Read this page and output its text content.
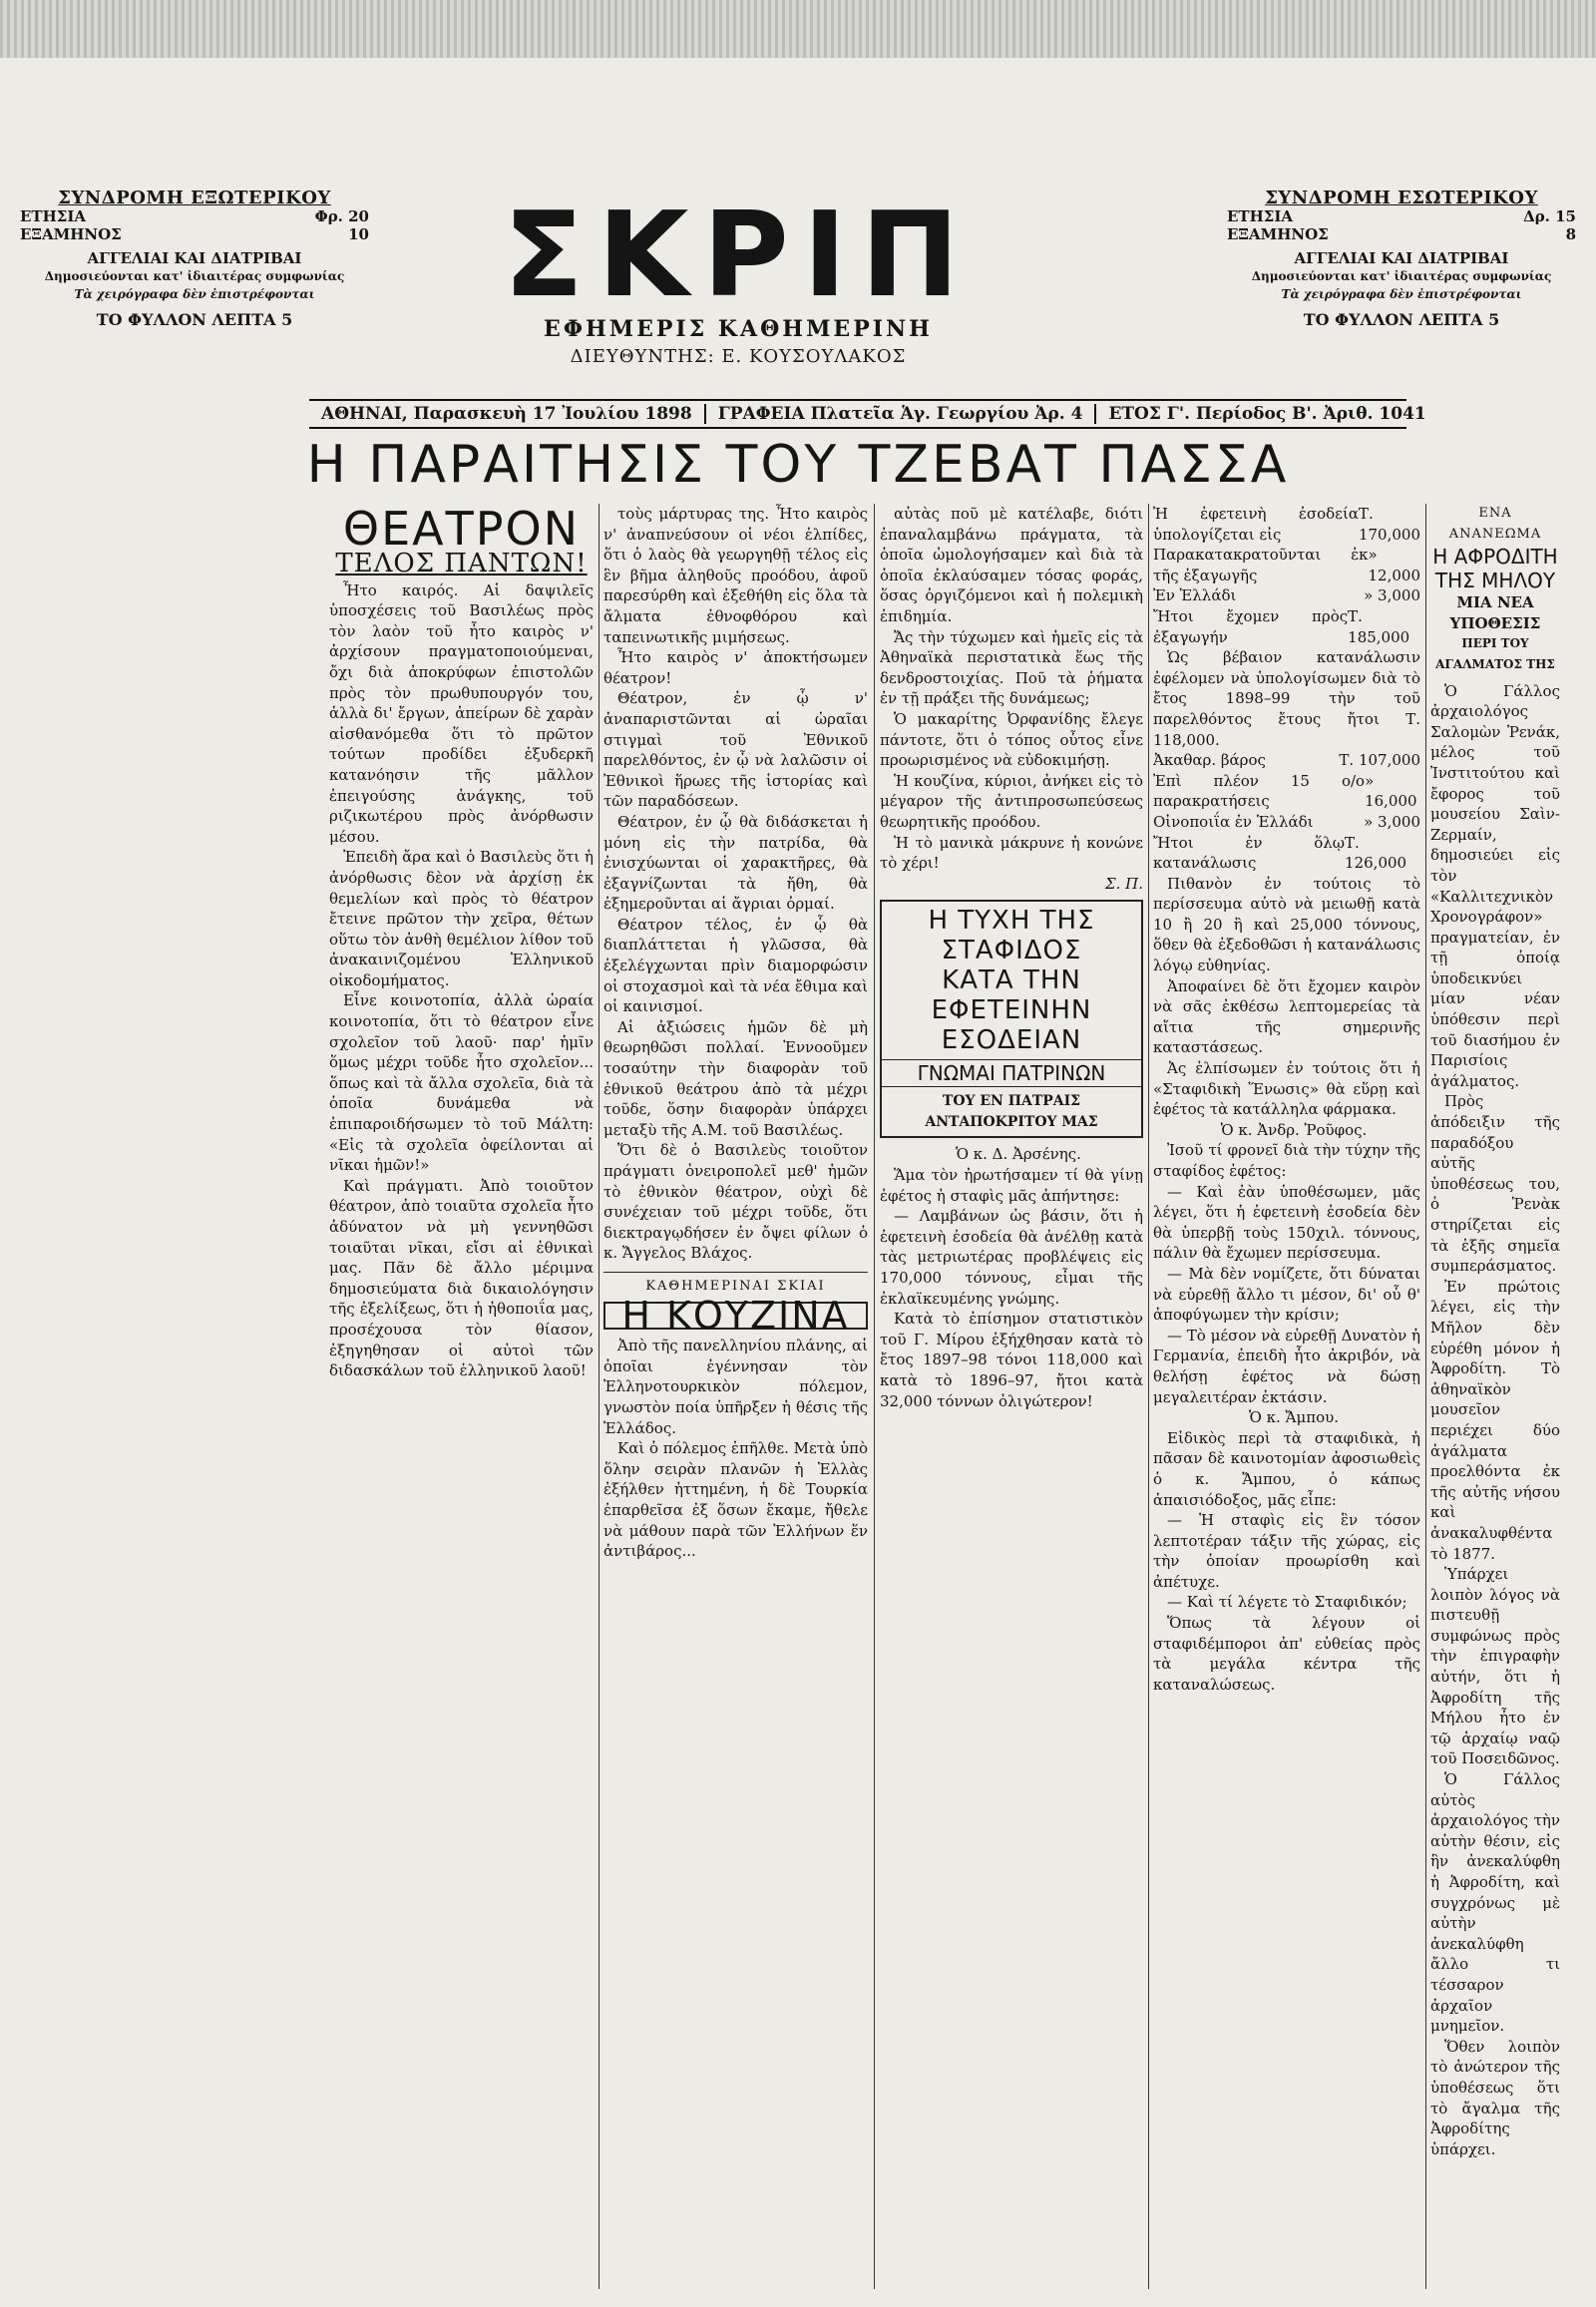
ΣΥΝΔΡΟΜΗ ΕΞΩΤΕΡΙΚΟΥ
ΕΤΗΣΙΑ	Φρ. 20
ΕΞΑΜΗΝΟΣ	10
ΑΓΓΕΛΙΑΙ ΚΑΙ ΔΙΑΤΡΙΒΑΙ
Δημοσιεύονται κατ' ἰδιαιτέρας συμφωνίας
Τὰ χειρόγραφα δὲν ἐπιστρέφονται
ΤΟ ΦΥΛΛΟΝ ΛΕΠΤΑ 5	ΣΚΡΙΠ
ΕΦΗΜΕΡΙΣ ΚΑΘΗΜΕΡΙΝΗ
ΔΙΕΥΘΥΝΤΗΣ: Ε. ΚΟΥΣΟΥΛΑΚΟΣ
ΣΥΝΔΡΟΜΗ ΕΣΩΤΕΡΙΚΟΥ
ΕΤΗΣΙΑ	Δρ. 15
ΕΞΑΜΗΝΟΣ	8
ΑΓΓΕΛΙΑΙ ΚΑΙ ΔΙΑΤΡΙΒΑΙ
Δημοσιεύονται κατ' ἰδιαιτέρας συμφωνίας
Τὰ χειρόγραφα δὲν ἐπιστρέφονται
ΤΟ ΦΥΛΛΟΝ ΛΕΠΤΑ 5
ΑΘΗΝΑΙ, Παρασκευὴ 17 Ἰουλίου 1898	ΓΡΑΦΕΙΑ Πλατεῖα Ἁγ. Γεωργίου Ἀρ. 4	ΕΤΟΣ Γ'. Περίοδος Β'. Ἀριθ. 1041
Η ΠΑΡΑΙΤΗΣΙΣ ΤΟΥ ΤΖΕΒΑΤ ΠΑΣΣΑ
ΘΕΑΤΡΟΝ
ΤΕΛΟΣ ΠΑΝΤΩΝ!

Ἦτο καιρός. Αἱ δαψιλεῖς ὑποσχέσεις τοῦ Βασιλέως πρὸς τὸν λαὸν τοῦ ἦτο καιρὸς ν' ἀρχίσουν πραγματοποιούμεναι, ὄχι διὰ ἀποκρύφων ἐπιστολῶν πρὸς τὸν πρωθυπουργόν του, ἀλλὰ δι' ἔργων, ἀπείρων δὲ χαρὰν αἰσθανόμεθα ὅτι τὸ πρῶτον τούτων προδίδει ἐξυδερκῆ κατανόησιν τῆς μᾶλλον ἐπειγούσης ἀνάγκης, τοῦ ριζικωτέρου πρὸς ἀνόρθωσιν μέσου.

Ἐπειδὴ ἄρα καὶ ὁ Βασιλεὺς ὅτι ἡ ἀνόρθωσις δὲον νὰ ἀρχίσῃ ἐκ θεμελίων καὶ πρὸς τὸ θέατρον ἔτεινε πρῶτον τὴν χεῖρα, θέτων οὕτω τὸν ἀνθὴ θεμέλιον λίθον τοῦ ἀνακαινιζομένου Ἑλληνικοῦ οἰκοδομήματος.

Εἶνε κοινοτοπία, ἀλλὰ ὡραία κοινοτοπία, ὅτι τὸ θέατρον εἶνε σχολεῖον τοῦ λαοῦ· παρ' ἡμῖν ὅμως μέχρι τοῦδε ἦτο σχολεῖον... ὅπως καὶ τὰ ἄλλα σχολεῖα, διὰ τὰ ὁποῖα δυνάμεθα νὰ ἐπιπαροιδήσωμεν τὸ τοῦ Μάλτη: «Εἰς τὰ σχολεῖα ὀφείλονται αἱ νῖκαι ἡμῶν!»

Καὶ πράγματι. Ἀπὸ τοιοῦτον θέατρον, ἀπὸ τοιαῦτα σχολεῖα ἦτο ἀδύνατον νὰ μὴ γεννηθῶσι τοιαῦται νῖκαι, εἴσι αἱ ἐθνικαὶ μας. Πᾶν δὲ ἄλλο μέριμνα δημοσιεύματα διὰ δικαιολόγησιν τῆς ἐξελίξεως, ὅτι ἡ ἠθοποιΐα μας, προσέχουσα τὸν θίασον, ἐξηγηθησαν οἱ αὐτοὶ τῶν διδασκάλων τοῦ ἑλληνικοῦ λαοῦ!

τοὺς μάρτυρας της. Ἦτο καιρὸς ν' ἀναπνεύσουν οἱ νέοι ἐλπίδες, ὅτι ὁ λαὸς θὰ γεωργηθῇ τέλος εἰς ἓν βῆμα ἀληθοῦς προόδου, ἀφοῦ παρεσύρθη καὶ ἐξεθήθη εἰς ὅλα τὰ ἄλματα ἐθνοφθόρου καὶ ταπεινωτικῆς μιμήσεως.

Ἦτο καιρὸς ν' ἀποκτήσωμεν θέατρον!

Θέατρον, ἐν ᾧ ν' ἀναπαριστῶνται αἱ ὡραῖαι στιγμαὶ τοῦ Ἐθνικοῦ παρελθόντος, ἐν ᾧ νὰ λαλῶσιν οἱ Ἐθνικοὶ ἥρωες τῆς ἱστορίας καὶ τῶν παραδόσεων.

Θέατρον, ἐν ᾧ θὰ διδάσκεται ἡ μόνη εἰς τὴν πατρίδα, θὰ ἐνισχύωνται οἱ χαρακτῆρες, θὰ ἐξαγνίζωνται τὰ ἤθη, θὰ ἐξημεροῦνται αἱ ἄγριαι ὀρμαί.

Θέατρον τέλος, ἐν ᾧ θὰ διαπλάττεται ἡ γλῶσσα, θὰ ἐξελέγχωνται πρὶν διαμορφώσιν οἱ στοχασμοὶ καὶ τὰ νέα ἔθιμα καὶ οἱ καινισμοί.

Αἱ ἀξιώσεις ἡμῶν δὲ μὴ θεωρηθῶσι πολλαί. Ἐννοοῦμεν τοσαύτην τὴν διαφορὰν τοῦ ἐθνικοῦ θεάτρου ἀπὸ τὰ μέχρι τοῦδε, ὅσην διαφορὰν ὑπάρχει μεταξὺ τῆς Α.Μ. τοῦ Βασιλέως.

Ὅτι δὲ ὁ Βασιλεὺς τοιοῦτον πράγματι ὀνειροπολεῖ μεθ' ἡμῶν τὸ ἐθνικὸν θέατρον, οὐχὶ δὲ συνέχειαν τοῦ μέχρι τοῦδε, ὅτι διεκτραγῳδήσεν ἐν ὄψει φίλων ὁ κ. Ἄγγελος Βλάχος.

ΚΑΘΗΜΕΡΙΝΑΙ ΣΚΙΑΙ
Η ΚΟΥΖΙΝΑ

Ἀπὸ τῆς πανελληνίου πλάνης, αἱ ὁποῖαι ἐγέννησαν τὸν Ἑλληνοτουρκικὸν πόλεμον, γνωστὸν ποία ὑπῆρξεν ἡ θέσις τῆς Ἑλλάδος.

Καὶ ὁ πόλεμος ἐπῆλθε. Μετὰ ὑπὸ ὅλην σειρὰν πλανῶν ἡ Ἑλλὰς ἐξήλθεν ἡττημένη, ἡ δὲ Τουρκία ἐπαρθεῖσα ἐξ ὅσων ἔκαμε, ἤθελε νὰ μάθουν παρὰ τῶν Ἑλλήνων ἕν ἀντιβάρος...

αὐτὰς ποῦ μὲ κατέλαβε, διότι ἐπαναλαμβάνω πράγματα, τὰ ὁποῖα ὡμολογήσαμεν καὶ διὰ τὰ ὁποῖα ἐκλαύσαμεν τόσας φοράς, ὅσας ὀργιζόμενοι καὶ ἡ πολεμικὴ ἐπιδημία.

Ἄς τὴν τύχωμεν καὶ ἡμεῖς εἰς τὰ Ἀθηναϊκὰ περιστατικὰ ἕως τῆς δενδροστοιχίας. Ποῦ τὰ ῥήματα ἐν τῇ πράξει τῆς δυνάμεως;

Ὁ μακαρίτης Ὀρφανίδης ἔλεγε πάντοτε, ὅτι ὁ τόπος οὗτος εἶνε προωρισμένος νὰ εὐδοκιμήσῃ.

Ἡ κουζίνα, κύριοι, ἀνήκει εἰς τὸ μέγαρον τῆς ἀντιπροσωπεύσεως θεωρητικῆς προόδου.

Ἡ τὸ μανικὰ μάκρυνε ἡ κονώνε τὸ χέρι!

Σ. Π.
Η ΤΥΧΗ ΤΗΣ ΣΤΑΦΙΔΟΣ
ΚΑΤΑ ΤΗΝ ΕΦΕΤΕΙΝΗΝ ΕΣΟΔΕΙΑΝ
ΓΝΩΜΑΙ ΠΑΤΡΙΝΩΝ
ΤΟΥ ΕΝ ΠΑΤΡΑΙΣ ΑΝΤΑΠΟΚΡΙΤΟΥ ΜΑΣ

Ὁ κ. Δ. Ἀρσένης.

Ἅμα τὸν ἠρωτήσαμεν τί θὰ γίνῃ ἐφέτος ἡ σταφὶς μᾶς ἀπήντησε:

— Λαμβάνων ὡς βάσιν, ὅτι ἡ ἐφετεινὴ ἐσοδεία θὰ ἀνέλθῃ κατὰ τὰς μετριωτέρας προβλέψεις εἰς 170,000 τόννους, εἶμαι τῆς ἐκλαϊκευμένης γνώμης.

Κατὰ τὸ ἐπίσημον στατιστικὸν τοῦ Γ. Μίρου ἐξήχθησαν κατὰ τὸ ἔτος 1897–98 τόνοι 118,000 καὶ κατὰ τὸ 1896–97, ἤτοι κατὰ 32,000 τόννων ὀλιγώτερον!

Ἡ ἐφετεινὴ ἐσοδεία ὑπολογίζεται εἰς
Τ. 170,000
Παρακατακρατοῦνται ἐκ τῆς ἐξαγωγῆς
» 12,000
Ἐν Ἑλλάδι	» 3,000
Ἤτοι ἔχομεν πρὸς ἐξαγωγήν
Τ. 185,000

Ὡς βέβαιον κατανάλωσιν ἐφέλομεν νὰ ὑπολογίσωμεν διὰ τὸ ἔτος 1898–99 τὴν τοῦ παρελθόντος ἔτους ἤτοι Τ. 118,000.

Ἀκαθαρ. βάρος	Τ. 107,000
Ἐπὶ πλέον 15 ο/ο παρακρατήσεις
» 16,000
Οἰνοποιΐα ἐν Ἑλλάδι	» 3,000
Ἤτοι ἐν ὅλῳ κατανάλωσις
Τ. 126,000

Πιθανὸν ἐν τούτοις τὸ περίσσευμα αὐτὸ νὰ μειωθῇ κατὰ 10 ἢ 20 ἢ καὶ 25,000 τόννους, ὅθεν θὰ ἐξεδοθῶσι ἡ κατανάλωσις λόγῳ εὐθηνίας.

Ἀποφαίνει δὲ ὅτι ἔχομεν καιρὸν νὰ σᾶς ἐκθέσω λεπτομερείας τὰ αἴτια τῆς σημερινῆς καταστάσεως.

Ἀς ἐλπίσωμεν ἐν τούτοις ὅτι ἡ «Σταφιδικὴ Ἕνωσις» θὰ εὕρῃ καὶ ἐφέτος τὰ κατάλληλα φάρμακα.

Ὁ κ. Ἀνδρ. Ῥοῦφος.

Ἰσοῦ τί φρονεῖ διὰ τὴν τύχην τῆς σταφίδος ἐφέτος:

— Καὶ ἐὰν ὑποθέσωμεν, μᾶς λέγει, ὅτι ἡ ἐφετεινὴ ἐσοδεία δὲν θὰ ὑπερβῇ τοὺς 150χιλ. τόννους, πάλιν θὰ ἔχωμεν περίσσευμα.

— Μὰ δὲν νομίζετε, ὅτι δύναται νὰ εὑρεθῇ ἄλλο τι μέσον, δι' οὗ θ' ἀποφύγωμεν τὴν κρίσιν;

— Τὸ μέσον νὰ εὑρεθῇ Δυνατὸν ἡ Γερμανία, ἐπειδὴ ἦτο ἀκριβόν, νὰ θελήσῃ ἐφέτος νὰ δώσῃ μεγαλειτέραν ἐκτάσιν.

Ὁ κ. Ἄμπου.

Εἰδικὸς περὶ τὰ σταφιδικὰ, ἡ πᾶσαν δὲ καινοτομίαν ἀφοσιωθεὶς ὁ κ. Ἄμπου, ὁ κάπως ἀπαισιόδοξος, μᾶς εἶπε:

— Ἡ σταφὶς εἰς ἓν τόσον λεπτοτέραν τάξιν τῆς χώρας, εἰς τὴν ὁποίαν προωρίσθη καὶ ἀπέτυχε.

— Καὶ τί λέγετε τὸ Σταφιδικόν;

Ὅπως τὰ λέγουν οἱ σταφιδέμποροι ἀπ' εὐθείας πρὸς τὰ μεγάλα κέντρα τῆς καταναλώσεως.

ΕΝΑ ΑΝΑΝΕΩΜΑ
Η ΑΦΡΟΔΙΤΗ ΤΗΣ ΜΗΛΟΥ
ΜΙΑ ΝΕΑ ΥΠΟΘΕΣΙΣ
ΠΕΡΙ ΤΟΥ ΑΓΑΛΜΑΤΟΣ ΤΗΣ

Ὁ Γάλλος ἀρχαιολόγος Σαλομὼν Ῥενάκ, μέλος τοῦ Ἰνστιτούτου καὶ ἔφορος τοῦ μουσείου Σαὶν-Ζερμαίν, δημοσιεύει εἰς τὸν «Καλλιτεχνικὸν Χρονογράφον» πραγματείαν, ἐν τῇ ὁποίᾳ ὑποδεικνύει μίαν νέαν ὑπόθεσιν περὶ τοῦ διασήμου ἐν Παρισίοις ἀγάλματος.

Πρὸς ἀπόδειξιν τῆς παραδόξου αὐτῆς ὑποθέσεως του, ὁ Ῥενὰκ στηρίζεται εἰς τὰ ἑξῆς σημεῖα συμπεράσματος.

Ἐν πρώτοις λέγει, εἰς τὴν Μῆλον δὲν εὑρέθη μόνον ἡ Ἀφροδίτη. Τὸ ἀθηναϊκὸν μουσεῖον περιέχει δύο ἀγάλματα προελθόντα ἐκ τῆς αὐτῆς νήσου καὶ ἀνακαλυφθέντα τὸ 1877.

Ὑπάρχει λοιπὸν λόγος νὰ πιστευθῇ συμφώνως πρὸς τὴν ἐπιγραφὴν αὐτήν, ὅτι ἡ Ἀφροδίτη τῆς Μήλου ἦτο ἐν τῷ ἀρχαίῳ ναῷ τοῦ Ποσειδῶνος.

Ὁ Γάλλος αὐτὸς ἀρχαιολόγος τὴν αὐτὴν θέσιν, εἰς ἣν ἀνεκαλύφθη ἡ Ἀφροδίτη, καὶ συγχρόνως μὲ αὐτὴν ἀνεκαλύφθη ἄλλο τι τέσσαρον ἀρχαῖον μνημεῖον.

Ὅθεν λοιπὸν τὸ ἀνώτερον τῆς ὑποθέσεως ὅτι τὸ ἄγαλμα τῆς Ἀφροδίτης ὑπάρχει.
